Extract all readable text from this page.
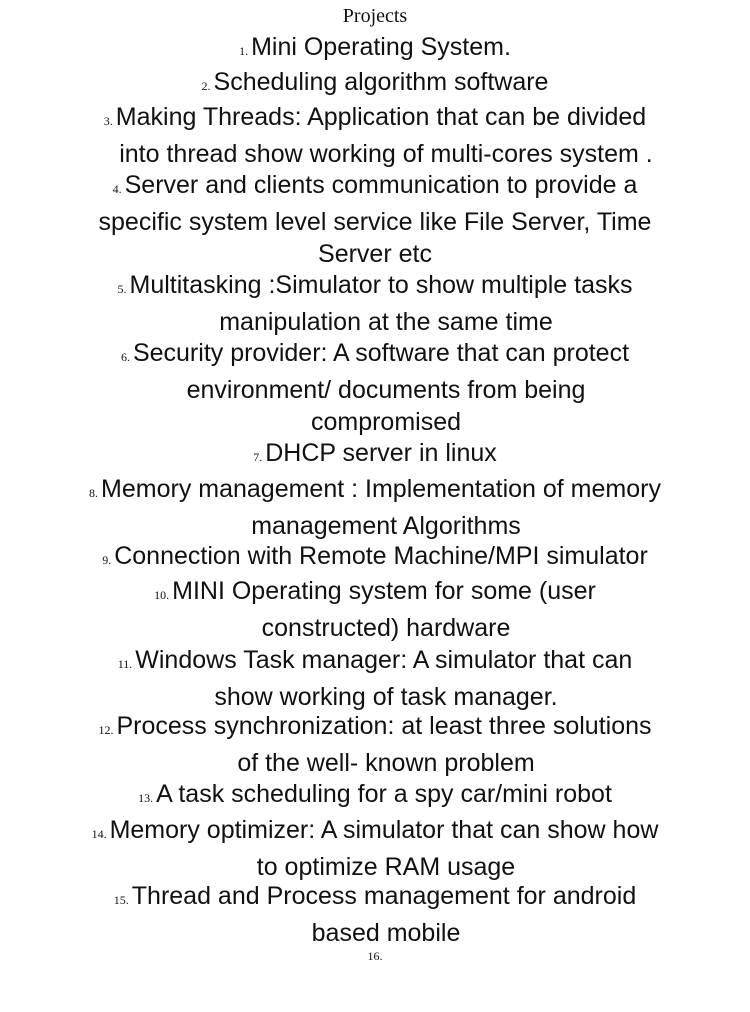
Projects
1. Mini Operating System.
2. Scheduling algorithm software
3. Making Threads: Application that can be divided
into thread show working of multi-cores system .
4. Server and clients communication to provide a
specific system level service like File Server, Time
Server etc
5. Multitasking :Simulator to show multiple tasks
manipulation at the same time
6. Security provider: A software that can protect
environment/ documents from being
compromised
7. DHCP server in linux
8. Memory management : Implementation of memory
management Algorithms
9. Connection with Remote Machine/MPI simulator
10. MINI Operating system for some (user
constructed) hardware
11. Windows Task manager: A simulator that can
show working of task manager.
12. Process synchronization: at least three solutions
of the well- known problem
13. A task scheduling for a spy car/mini robot
14. Memory optimizer: A simulator that can show how
to optimize RAM usage
15. Thread and Process management for android
based mobile
16.
